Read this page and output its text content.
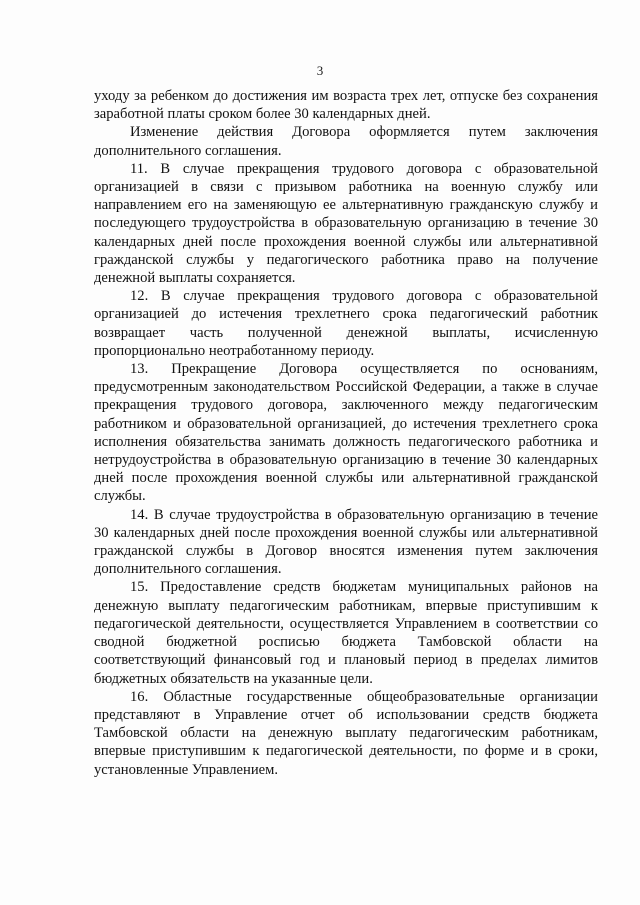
3

уходу за ребенком до достижения им возраста трех лет, отпуске без сохранения заработной платы сроком более 30 календарных дней.

Изменение действия Договора оформляется путем заключения дополнительного соглашения.

11. В случае прекращения трудового договора с образовательной организацией в связи с призывом работника на военную службу или направлением его на заменяющую ее альтернативную гражданскую службу и последующего трудоустройства в образовательную организацию в течение 30 календарных дней после прохождения военной службы или альтернативной гражданской службы у педагогического работника право на получение денежной выплаты сохраняется.

12. В случае прекращения трудового договора с образовательной организацией до истечения трехлетнего срока педагогический работник возвращает часть полученной денежной выплаты, исчисленную пропорционально неотработанному периоду.

13. Прекращение Договора осуществляется по основаниям, предусмотренным законодательством Российской Федерации, а также в случае прекращения трудового договора, заключенного между педагогическим работником и образовательной организацией, до истечения трехлетнего срока исполнения обязательства занимать должность педагогического работника и нетрудоустройства в образовательную организацию в течение 30 календарных дней после прохождения военной службы или альтернативной гражданской службы.

14. В случае трудоустройства в образовательную организацию в течение 30 календарных дней после прохождения военной службы или альтернативной гражданской службы в Договор вносятся изменения путем заключения дополнительного соглашения.

15. Предоставление средств бюджетам муниципальных районов на денежную выплату педагогическим работникам, впервые приступившим к педагогической деятельности, осуществляется Управлением в соответствии со сводной бюджетной росписью бюджета Тамбовской области на соответствующий финансовый год и плановый период в пределах лимитов бюджетных обязательств на указанные цели.

16. Областные государственные общеобразовательные организации представляют в Управление отчет об использовании средств бюджета Тамбовской области на денежную выплату педагогическим работникам, впервые приступившим к педагогической деятельности, по форме и в сроки, установленные Управлением.
